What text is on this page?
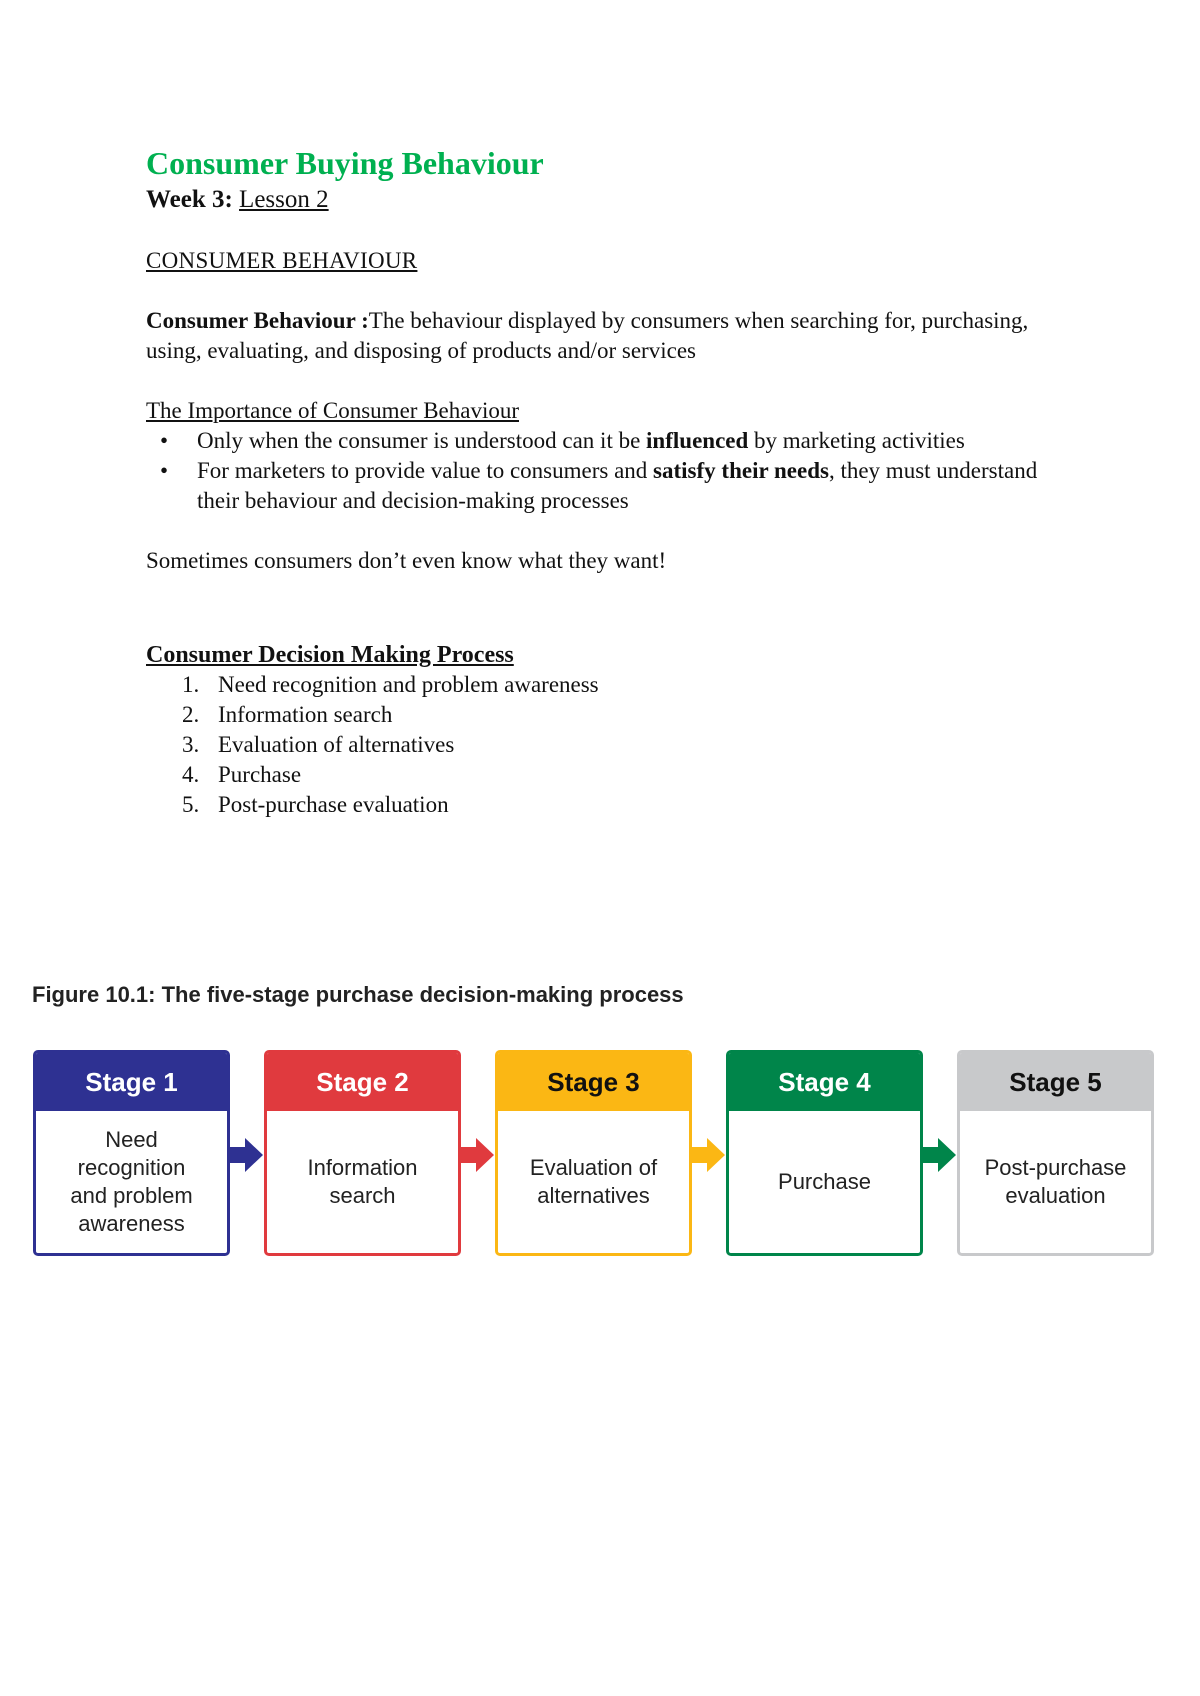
Consumer Buying Behaviour

Week 3: Lesson 2

CONSUMER BEHAVIOUR

Consumer Behaviour :The behaviour displayed by consumers when searching for, purchasing, using, evaluating, and disposing of products and/or services

The Importance of Consumer Behaviour

• Only when the consumer is understood can it be influenced by marketing activities
• For marketers to provide value to consumers and satisfy their needs, they must understand their behaviour and decision-making processes

Sometimes consumers don’t even know what they want!

Consumer Decision Making Process

1. Need recognition and problem awareness
2. Information search
3. Evaluation of alternatives
4. Purchase
5. Post-purchase evaluation

Figure 10.1: The five-stage purchase decision-making process

Stage 1
Need recognition and problem awareness
Stage 2
Information search
Stage 3
Evaluation of alternatives
Stage 4
Purchase
Stage 5
Post-purchase evaluation
